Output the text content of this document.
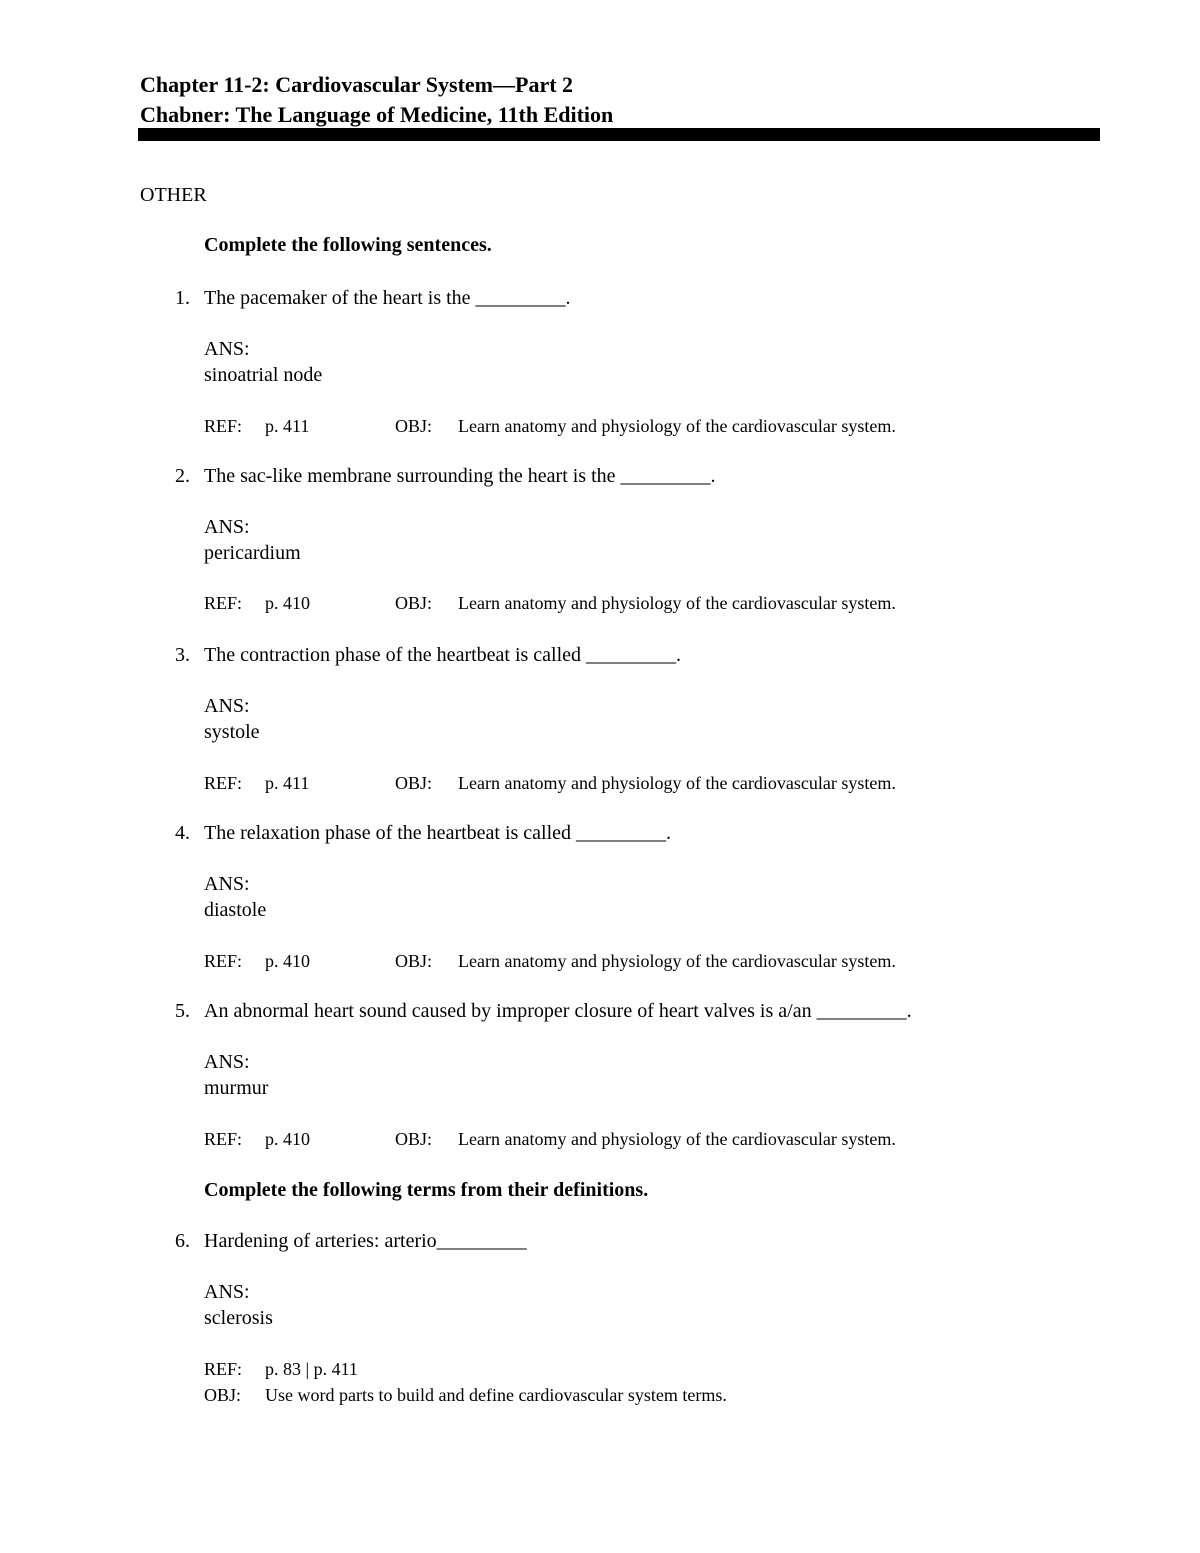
Chapter 11-2: Cardiovascular System—Part 2
Chabner: The Language of Medicine, 11th Edition
OTHER
Complete the following sentences.
1. The pacemaker of the heart is the _________.
ANS:
sinoatrial node
REF: p. 411	OBJ: Learn anatomy and physiology of the cardiovascular system.
2. The sac-like membrane surrounding the heart is the _________.
ANS:
pericardium
REF: p. 410	OBJ: Learn anatomy and physiology of the cardiovascular system.
3. The contraction phase of the heartbeat is called _________.
ANS:
systole
REF: p. 411	OBJ: Learn anatomy and physiology of the cardiovascular system.
4. The relaxation phase of the heartbeat is called _________.
ANS:
diastole
REF: p. 410	OBJ: Learn anatomy and physiology of the cardiovascular system.
5. An abnormal heart sound caused by improper closure of heart valves is a/an _________.
ANS:
murmur
REF: p. 410	OBJ: Learn anatomy and physiology of the cardiovascular system.
Complete the following terms from their definitions.
6. Hardening of arteries: arterio_________
ANS:
sclerosis
REF: p. 83 | p. 411
OBJ: Use word parts to build and define cardiovascular system terms.
